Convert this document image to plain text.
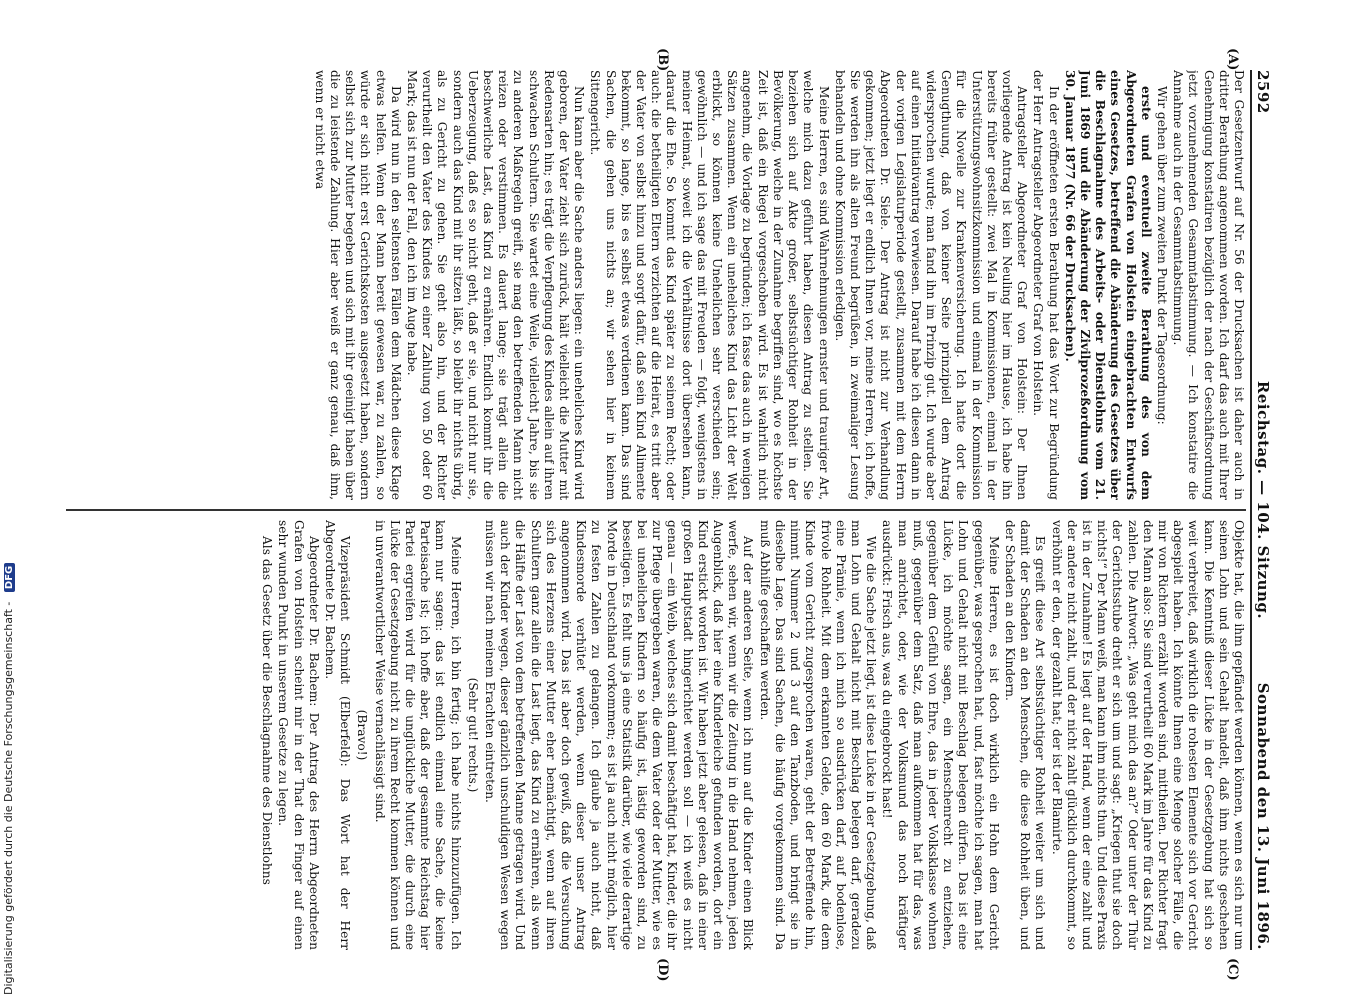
2592
Reichstag. — 104. Sitzung.
Sonnabend den 13. Juni 1896.
(A)
(B)
(C)
(D)

Der Gesetzentwurf auf Nr. 56 der Drucksachen ist daher auch in dritter Berathung angenommen worden. Ich darf das auch mit Ihrer Genehmigung konstatiren bezüglich der nach der Geschäftsordnung jetzt vorzunehmenden Gesammtabstimmung. — Ich konstatire die Annahme auch in der Gesammtabstimmung.

Wir gehen über zum zweiten Punkt der Tagesordnung:

erste und eventuell zweite Berathung des von dem Abgeordneten Grafen von Holstein eingebrachten Entwurfs eines Gesetzes, betreffend die Abänderung des Gesetzes über die Beschlagnahme des Arbeits- oder Dienstlohns vom 21. Juni 1869 und die Abänderung der Zivilprozeßordnung vom 30. Januar 1877 (Nr. 66 der Drucksachen).

In der eröffneten ersten Berathung hat das Wort zur Begründung der Herr Antragsteller Abgeordneter Graf von Holstein.

Antragsteller Abgeordneter Graf von Holstein: Der Ihnen vorliegende Antrag ist kein Neuling hier im Hause, ich habe ihn bereits früher gestellt: zwei Mal in Kommissionen, einmal in der Unterstützungswohnsitzkommission und einmal in der Kommission für die Novelle zur Krankenversicherung. Ich hatte dort die Genugthuung, daß von keiner Seite prinzipiell dem Antrag widersprochen wurde; man fand ihn im Prinzip gut. Ich wurde aber auf einen Initiativantrag verwiesen. Darauf habe ich diesen dann in der vorigen Legislaturperiode gestellt, zusammen mit dem Herrn Abgeordneten Dr. Siele. Der Antrag ist nicht zur Verhandlung gekommen; jetzt liegt er endlich Ihnen vor, meine Herren, ich hoffe, Sie werden ihn als alten Freund begrüßen, in zweimaliger Lesung behandeln und ohne Kommission erledigen.

Meine Herren, es sind Wahrnehmungen ernster und trauriger Art, welche mich dazu geführt haben, diesen Antrag zu stellen. Sie beziehen sich auf Akte großer, selbstsüchtiger Rohheit in der Bevölkerung, welche in der Zunahme begriffen sind, wo es höchste Zeit ist, daß ein Riegel vorgeschoben wird. Es ist wahrlich nicht angenehm, die Vorlage zu begründen; ich fasse das auch in wenigen Sätzen zusammen. Wenn ein uneheliches Kind das Licht der Welt erblickt, so können keine Unehelichen sehr verschieden sein; gewöhnlich — und ich sage das mit Freuden — folgt, wenigstens in meiner Heimat, soweit ich die Verhältnisse dort übersehen kann, darauf die Ehe. So kommt das Kind später zu seinem Recht; oder auch: die betheiligten Eltern verzichten auf die Heirat, es tritt aber der Vater von selbst hinzu und sorgt dafür, daß sein Kind Alimente bekommt, so lange, bis es selbst etwas verdienen kann. Das sind Sachen, die gehen uns nichts an; wir sehen hier in keinem Sittengericht.

Nun kann aber die Sache anders liegen: ein uneheliches Kind wird geboren, der Vater zieht sich zurück, hält vielleicht die Mutter mit Redensarten hin; es trägt die Verpflegung des Kindes allein auf ihren schwachen Schultern. Sie wartet eine Weile, vielleicht Jahre, bis sie zu anderen Maßregeln greift, sie mag den betreffenden Mann nicht reizen oder verstimmen. Es dauert lange; sie trägt allein die beschwerliche Last, das Kind zu ernähren. Endlich kommt ihr die Ueberzeugung, daß es so nicht geht, daß er sie, und nicht nur sie, sondern auch das Kind mit ihr sitzen läßt, so bleibt ihr nichts übrig, als zu Gericht zu gehen. Sie geht also hin, und der Richter verurtheilt den Vater des Kindes zu einer Zahlung von 50 oder 60 Mark; das ist nun der Fall, den ich im Auge habe.

Da wird nun in den seltensten Fällen dem Mädchen diese Klage etwas helfen. Wenn der Mann bereit gewesen war, zu zahlen, so würde er sich nicht erst Gerichtskosten ausgesetzt haben, sondern selbst sich zur Mutter begeben und sich mit ihr geeinigt haben über die zu leistende Zahlung. Hier aber weiß er ganz genau, daß ihm, wenn er nicht etwa

Objekte hat, die ihm gepfändet werden können, wenn es sich nur um seinen Lohn und sein Gehalt handelt, daß ihm nichts geschehen kann. Die Kenntniß dieser Lücke in der Gesetzgebung hat sich so weit verbreitet, daß wirklich die rohesten Elemente sich vor Gericht abgespielt haben. Ich könnte Ihnen eine Menge solcher Fälle, die mir von Richtern erzählt worden sind, mittheilen. Der Richter fragt den Mann also: Sie sind verurtheilt 60 Mark im Jahre für das Kind zu zahlen. Die Antwort: „Was geht mich das an?“ Oder unter der Thür der Gerichtsstube dreht er sich um und sagt: „Kriegen thut sie doch nichts!“ Der Mann weiß, man kann ihm nichts thun. Und diese Praxis ist in der Zunahme! Es liegt auf der Hand, wenn der eine zahlt und der andere nicht zahlt, und der nicht zahlt glücklich durchkommt, so verhöhnt er den, der gezahlt hat; der ist der Blamirte.

Es greift diese Art selbstsüchtiger Rohheit weiter um sich und damit der Schaden an den Menschen, die diese Rohheit üben, und der Schaden an den Kindern.

Meine Herren, es ist doch wirklich ein Hohn dem Gericht gegenüber, was gesprochen hat, und, fast möchte ich sagen, man hat Lohn und Gehalt nicht mit Beschlag belegen dürfen. Das ist eine Lücke, ich möchte sagen, ein Menschenrecht zu entziehen, gegenüber dem Gefühl von Ehre, das in jeder Volksklasse wohnen muß, gegenüber dem Satz, daß man aufkommen hat für das, was man anrichtet, oder, wie der Volksmund das noch kräftiger ausdrückt: Frisch aus, was du eingebrockt hast!

Wie die Sache jetzt liegt, ist diese Lücke in der Gesetzgebung, daß man Lohn und Gehalt nicht mit Beschlag belegen darf, geradezu eine Prämie, wenn ich mich so ausdrücken darf, auf bodenlose, frivole Rohheit. Mit dem erkannten Gelde, den 60 Mark, die dem Kinde vom Gericht zugesprochen waren, geht der Betreffende hin, nimmt Nummer 2 und 3 auf den Tanzboden, und bringt sie in dieselbe Lage. Das sind Sachen, die häufig vorgekommen sind. Da muß Abhilfe geschaffen werden.

Auf der anderen Seite, wenn ich nun auf die Kinder einen Blick werfe, sehen wir, wenn wir die Zeitung in die Hand nehmen, jeden Augenblick, daß hier eine Kinderleiche gefunden worden, dort ein Kind erstickt worden ist. Wir haben jetzt aber gelesen, daß in einer großen Hauptstadt hingerichtet werden soll — ich weiß es nicht genau — ein Weib, welches sich damit beschäftigt hat, Kinder, die ihr zur Pflege übergeben waren, die dem Vater oder der Mutter, wie es bei unehelichen Kindern so häufig ist, lästig geworden sind, zu beseitigen. Es fehlt uns ja eine Statistik darüber, wie viele derartige Morde in Deutschland vorkommen; es ist ja auch nicht möglich, hier zu festen Zahlen zu gelangen. Ich glaube ja auch nicht, daß Kindesmorde verhütet werden, wenn dieser unser Antrag angenommen wird. Das ist aber doch gewiß, daß die Versuchung sich des Herzens einer Mutter eher bemächtigt, wenn auf ihren Schultern ganz allein die Last liegt, das Kind zu ernähren, als wenn die Hälfte der Last von dem betreffenden Manne getragen wird. Und auch der Kinder wegen, dieser gänzlich unschuldigen Wesen wegen müssen wir nach meinem Erachten eintreten.

(Sehr gut! rechts.)

Meine Herren, ich bin fertig; ich habe nichts hinzuzufügen. Ich kann nur sagen: das ist endlich einmal eine Sache, die keine Parteisache ist; ich hoffe aber, daß der gesammte Reichstag hier Partei ergreifen wird für die unglückliche Mutter, die durch eine Lücke der Gesetzgebung nicht zu ihrem Recht kommen können und in unverantwortlicher Weise vernachlässigt sind.

(Bravo!)

Vizepräsident Schmidt (Elberfeld): Das Wort hat der Herr Abgeordnete Dr. Bachem.

Abgeordneter Dr. Bachem: Der Antrag des Herrn Abgeordneten Grafen von Holstein scheint mir in der That den Finger auf einen sehr wunden Punkt in unserem Gesetze zu legen.

Als das Gesetz über die Beschlagnahme des Dienstlohns

Digitalisierung gefördert durch die Deutsche Forschungsgemeinschaft - DFG
